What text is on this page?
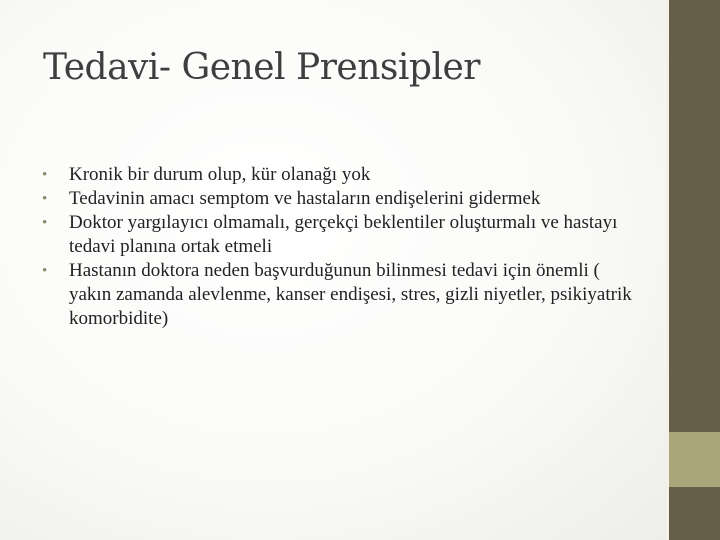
Tedavi- Genel Prensipler
•	Kronik bir durum olup, kür olanağı yok
•	Tedavinin amacı semptom ve hastaların endişelerini gidermek
•	Doktor yargılayıcı olmamalı, gerçekçi beklentiler oluşturmalı ve hastayı tedavi planına ortak etmeli
•	Hastanın doktora neden başvurduğunun bilinmesi tedavi için önemli ( yakın zamanda alevlenme, kanser endişesi, stres, gizli niyetler, psikiyatrik komorbidite)
